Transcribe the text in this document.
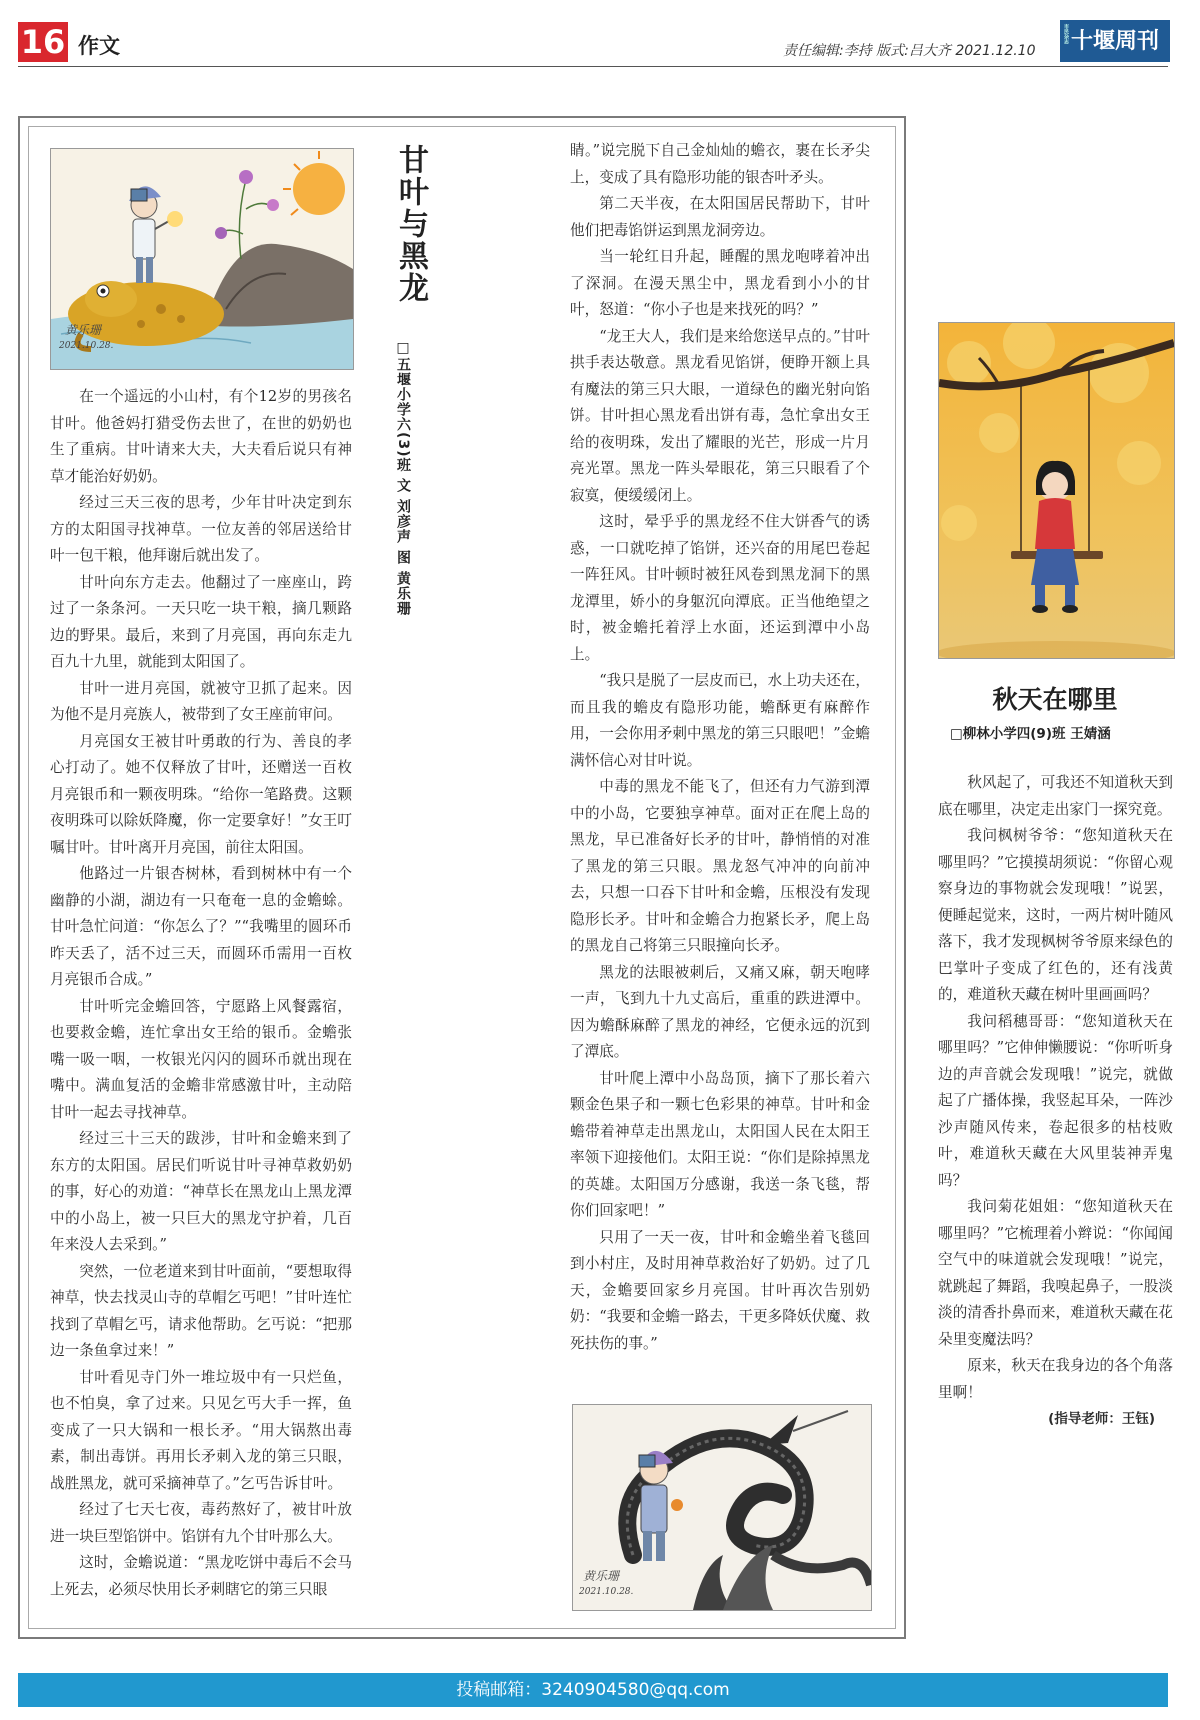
16 作文	责任编辑:李持 版式:吕大齐 2021.12.10
市民杂志 十堰周刊
黄乐珊
2021.10.28.

在一个遥远的小山村，有个12岁的男孩名甘叶。他爸妈打猎受伤去世了，在世的奶奶也生了重病。甘叶请来大夫，大夫看后说只有神草才能治好奶奶。

经过三天三夜的思考，少年甘叶决定到东方的太阳国寻找神草。一位友善的邻居送给甘叶一包干粮，他拜谢后就出发了。

甘叶向东方走去。他翻过了一座座山，跨过了一条条河。一天只吃一块干粮，摘几颗路边的野果。最后，来到了月亮国，再向东走九百九十九里，就能到太阳国了。

甘叶一进月亮国，就被守卫抓了起来。因为他不是月亮族人，被带到了女王座前审问。

月亮国女王被甘叶勇敢的行为、善良的孝心打动了。她不仅释放了甘叶，还赠送一百枚月亮银币和一颗夜明珠。“给你一笔路费。这颗夜明珠可以除妖降魔，你一定要拿好！”女王叮嘱甘叶。甘叶离开月亮国，前往太阳国。

他路过一片银杏树林，看到树林中有一个幽静的小湖，湖边有一只奄奄一息的金蟾蜍。甘叶急忙问道：“你怎么了？”“我嘴里的圆环币昨天丢了，活不过三天，而圆环币需用一百枚月亮银币合成。”

甘叶听完金蟾回答，宁愿路上风餐露宿，也要救金蟾，连忙拿出女王给的银币。金蟾张嘴一吸一咽，一枚银光闪闪的圆环币就出现在嘴中。满血复活的金蟾非常感激甘叶，主动陪甘叶一起去寻找神草。

经过三十三天的跋涉，甘叶和金蟾来到了东方的太阳国。居民们听说甘叶寻神草救奶奶的事，好心的劝道：“神草长在黑龙山上黑龙潭中的小岛上，被一只巨大的黑龙守护着，几百年来没人去采到。”

突然，一位老道来到甘叶面前，“要想取得神草，快去找灵山寺的草帽乞丐吧！”甘叶连忙找到了草帽乞丐，请求他帮助。乞丐说：“把那边一条鱼拿过来！”

甘叶看见寺门外一堆垃圾中有一只烂鱼，也不怕臭，拿了过来。只见乞丐大手一挥，鱼变成了一只大锅和一根长矛。“用大锅熬出毒素，制出毒饼。再用长矛刺入龙的第三只眼，战胜黑龙，就可采摘神草了。”乞丐告诉甘叶。

经过了七天七夜，毒药熬好了，被甘叶放进一块巨型馅饼中。馅饼有九个甘叶那么大。

这时，金蟾说道：“黑龙吃饼中毒后不会马上死去，必须尽快用长矛刺瞎它的第三只眼

甘叶与黑龙
□五堰小学六(3)班 文 刘彦声 图 黄乐珊

睛。”说完脱下自己金灿灿的蟾衣，裹在长矛尖上，变成了具有隐形功能的银杏叶矛头。

第二天半夜，在太阳国居民帮助下，甘叶他们把毒馅饼运到黑龙洞旁边。

当一轮红日升起，睡醒的黑龙咆哮着冲出了深洞。在漫天黑尘中，黑龙看到小小的甘叶，怒道：“你小子也是来找死的吗？”

“龙王大人，我们是来给您送早点的。”甘叶拱手表达敬意。黑龙看见馅饼，便睁开额上具有魔法的第三只大眼，一道绿色的幽光射向馅饼。甘叶担心黑龙看出饼有毒，急忙拿出女王给的夜明珠，发出了耀眼的光芒，形成一片月亮光罩。黑龙一阵头晕眼花，第三只眼看了个寂寞，便缓缓闭上。

这时，晕乎乎的黑龙经不住大饼香气的诱惑，一口就吃掉了馅饼，还兴奋的用尾巴卷起一阵狂风。甘叶顿时被狂风卷到黑龙洞下的黑龙潭里，娇小的身躯沉向潭底。正当他绝望之时，被金蟾托着浮上水面，还运到潭中小岛上。

“我只是脱了一层皮而已，水上功夫还在，而且我的蟾皮有隐形功能，蟾酥更有麻醉作用，一会你用矛刺中黑龙的第三只眼吧！”金蟾满怀信心对甘叶说。

中毒的黑龙不能飞了，但还有力气游到潭中的小岛，它要独享神草。面对正在爬上岛的黑龙，早已准备好长矛的甘叶，静悄悄的对准了黑龙的第三只眼。黑龙怒气冲冲的向前冲去，只想一口吞下甘叶和金蟾，压根没有发现隐形长矛。甘叶和金蟾合力抱紧长矛，爬上岛的黑龙自己将第三只眼撞向长矛。

黑龙的法眼被刺后，又痛又麻，朝天咆哮一声，飞到九十九丈高后，重重的跌进潭中。因为蟾酥麻醉了黑龙的神经，它便永远的沉到了潭底。

甘叶爬上潭中小岛岛顶，摘下了那长着六颗金色果子和一颗七色彩果的神草。甘叶和金蟾带着神草走出黑龙山，太阳国人民在太阳王率领下迎接他们。太阳王说：“你们是除掉黑龙的英雄。太阳国万分感谢，我送一条飞毯，帮你们回家吧！”

只用了一天一夜，甘叶和金蟾坐着飞毯回到小村庄，及时用神草救治好了奶奶。过了几天，金蟾要回家乡月亮国。甘叶再次告别奶奶：“我要和金蟾一路去，干更多降妖伏魔、救死扶伤的事。”

黄乐珊
2021.10.28.
秋天在哪里
□柳林小学四(9)班 王婧涵

秋风起了，可我还不知道秋天到底在哪里，决定走出家门一探究竟。

我问枫树爷爷：“您知道秋天在哪里吗？”它摸摸胡须说：“你留心观察身边的事物就会发现哦！”说罢，便睡起觉来，这时，一两片树叶随风落下，我才发现枫树爷爷原来绿色的巴掌叶子变成了红色的，还有浅黄的，难道秋天藏在树叶里画画吗？

我问稻穗哥哥：“您知道秋天在哪里吗？”它伸伸懒腰说：“你听听身边的声音就会发现哦！”说完，就做起了广播体操，我竖起耳朵，一阵沙沙声随风传来，卷起很多的枯枝败叶，难道秋天藏在大风里装神弄鬼吗？

我问菊花姐姐：“您知道秋天在哪里吗？”它梳理着小辫说：“你闻闻空气中的味道就会发现哦！”说完，就跳起了舞蹈，我嗅起鼻子，一股淡淡的清香扑鼻而来，难道秋天藏在花朵里变魔法吗？

原来，秋天在我身边的各个角落里啊！

(指导老师：王钰)

投稿邮箱：3240904580@qq.com
